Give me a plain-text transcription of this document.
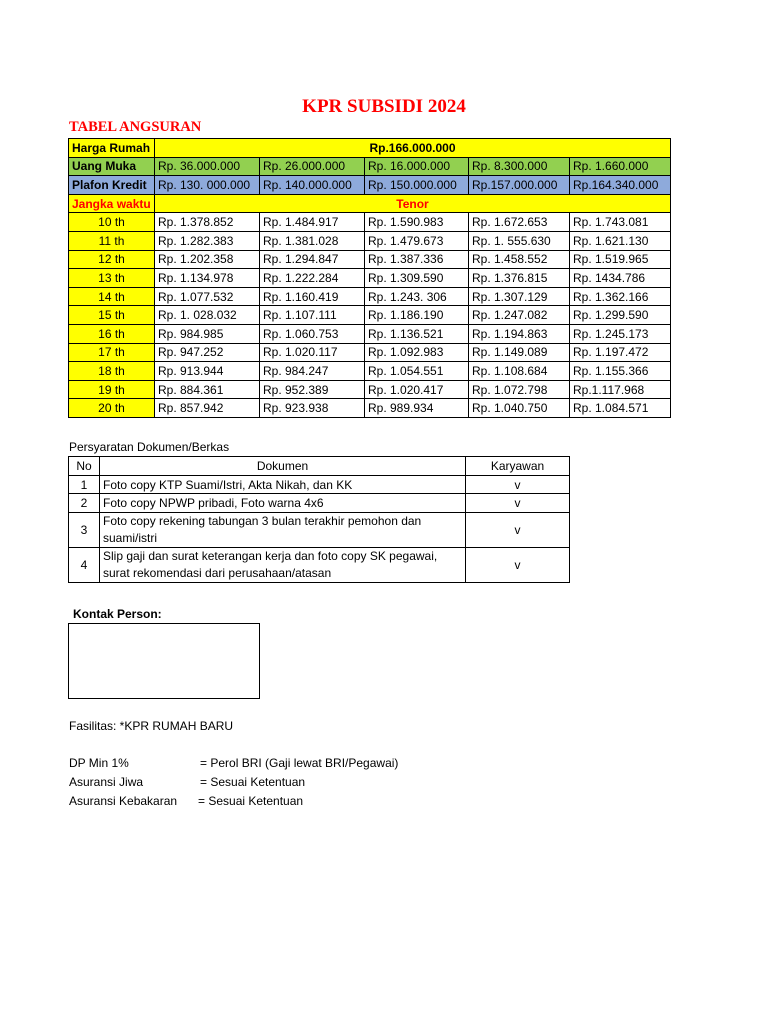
KPR SUBSIDI 2024
TABEL ANGSURAN
Harga Rumah	Rp.166.000.000				
Uang Muka	Rp. 36.000.000	Rp. 26.000.000	Rp. 16.000.000	Rp. 8.300.000	Rp. 1.660.000
Plafon Kredit	Rp. 130. 000.000	Rp. 140.000.000	Rp. 150.000.000	Rp.157.000.000	Rp.164.340.000
Jangka waktu	Tenor				
10 th	Rp. 1.378.852	Rp. 1.484.917	Rp. 1.590.983	Rp. 1.672.653	Rp. 1.743.081
11 th	Rp. 1.282.383	Rp. 1.381.028	Rp. 1.479.673	Rp. 1. 555.630	Rp. 1.621.130
12 th	Rp. 1.202.358	Rp. 1.294.847	Rp. 1.387.336	Rp. 1.458.552	Rp. 1.519.965
13 th	Rp. 1.134.978	Rp. 1.222.284	Rp. 1.309.590	Rp. 1.376.815	Rp. 1434.786
14 th	Rp. 1.077.532	Rp. 1.160.419	Rp. 1.243. 306	Rp. 1.307.129	Rp. 1.362.166
15 th	Rp. 1. 028.032	Rp. 1.107.111	Rp. 1.186.190	Rp. 1.247.082	Rp. 1.299.590
16 th	Rp. 984.985	Rp. 1.060.753	Rp. 1.136.521	Rp. 1.194.863	Rp. 1.245.173
17 th	Rp. 947.252	Rp. 1.020.117	Rp. 1.092.983	Rp. 1.149.089	Rp. 1.197.472
18 th	Rp. 913.944	Rp. 984.247	Rp. 1.054.551	Rp. 1.108.684	Rp. 1.155.366
19 th	Rp. 884.361	Rp. 952.389	Rp. 1.020.417	Rp. 1.072.798	Rp.1.117.968
20 th	Rp. 857.942	Rp. 923.938	Rp. 989.934	Rp. 1.040.750	Rp. 1.084.571
Persyaratan Dokumen/Berkas
No	Dokumen	Karyawan
1	Foto copy KTP Suami/Istri, Akta Nikah, dan KK	v
2	Foto copy NPWP pribadi, Foto warna 4x6	v
3	Foto copy rekening tabungan 3 bulan terakhir pemohon dan suami/istri	v
4	Slip gaji dan surat keterangan kerja dan foto copy SK pegawai, surat rekomendasi dari perusahaan/atasan	v
Kontak Person:
Fasilitas: *KPR RUMAH BARU
DP Min 1%	= Perol BRI (Gaji lewat BRI/Pegawai)
Asuransi Jiwa	= Sesuai Ketentuan
Asuransi Kebakaran = Sesuai Ketentuan
